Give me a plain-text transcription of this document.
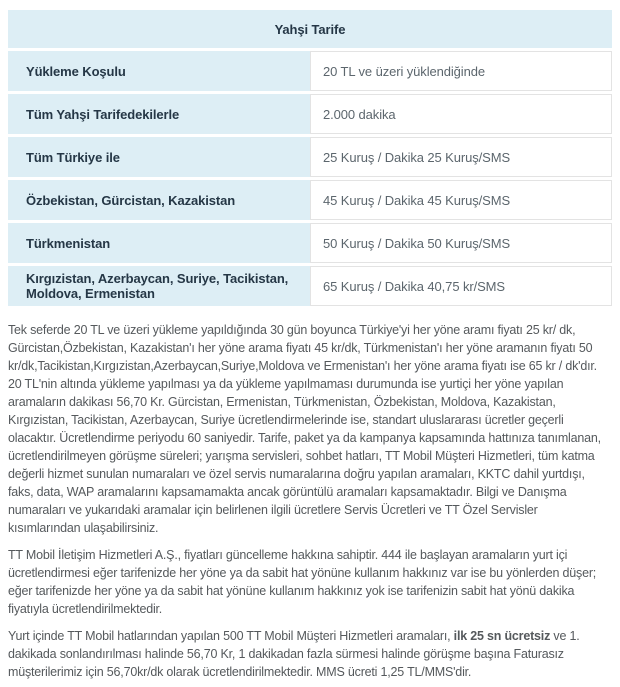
Yahşi Tarife	
Yükleme Koşulu	20 TL ve üzeri yüklendiğinde
Tüm Yahşi Tarifedekilerle	2.000 dakika
Tüm Türkiye ile	25 Kuruş / Dakika 25 Kuruş/SMS
Özbekistan, Gürcistan, Kazakistan	45 Kuruş / Dakika 45 Kuruş/SMS
Türkmenistan	50 Kuruş / Dakika 50 Kuruş/SMS
Kırgızistan, Azerbaycan, Suriye, Tacikistan, Moldova, Ermenistan	65 Kuruş / Dakika 40,75 kr/SMS

Tek seferde 20 TL ve üzeri yükleme yapıldığında 30 gün boyunca Türkiye'yi her yöne aramı fiyatı 25 kr/ dk, Gürcistan,Özbekistan, Kazakistan'ı her yöne arama fiyatı 45 kr/dk, Türkmenistan'ı her yöne aramanın fiyatı 50 kr/dk,Tacikistan,Kırgızistan,Azerbaycan,Suriye,Moldova ve Ermenistan'ı her yöne arama fiyatı ise 65 kr / dk'dır. 20 TL'nin altında yükleme yapılması ya da yükleme yapılmaması durumunda ise yurtiçi her yöne yapılan aramaların dakikası 56,70 Kr. Gürcistan, Ermenistan, Türkmenistan, Özbekistan, Moldova, Kazakistan, Kırgızistan, Tacikistan, Azerbaycan, Suriye ücretlendirmelerinde ise, standart uluslararası ücretler geçerli olacaktır. Ücretlendirme periyodu 60 saniyedir. Tarife, paket ya da kampanya kapsamında hattınıza tanımlanan, ücretlendirilmeyen görüşme süreleri; yarışma servisleri, sohbet hatları, TT Mobil Müşteri Hizmetleri, tüm katma değerli hizmet sunulan numaraları ve özel servis numaralarına doğru yapılan aramaları, KKTC dahil yurtdışı, faks, data, WAP aramalarını kapsamamakta ancak görüntülü aramaları kapsamaktadır. Bilgi ve Danışma numaraları ve yukarıdaki aramalar için belirlenen ilgili ücretlere Servis Ücretleri ve TT Özel Servisler kısımlarından ulaşabilirsiniz.

TT Mobil İletişim Hizmetleri A.Ş., fiyatları güncelleme hakkına sahiptir. 444 ile başlayan aramaların yurt içi ücretlendirmesi eğer tarifenizde her yöne ya da sabit hat yönüne kullanım hakkınız var ise bu yönlerden düşer; eğer tarifenizde her yöne ya da sabit hat yönüne kullanım hakkınız yok ise tarifenizin sabit hat yönü dakika fiyatıyla ücretlendirilmektedir.

Yurt içinde TT Mobil hatlarından yapılan 500 TT Mobil Müşteri Hizmetleri aramaları, ilk 25 sn ücretsiz ve 1. dakikada sonlandırılması halinde 56,70 Kr, 1 dakikadan fazla sürmesi halinde görüşme başına Faturasız müşterilerimiz için 56,70kr/dk olarak ücretlendirilmektedir. MMS ücreti 1,25 TL/MMS'dir.
